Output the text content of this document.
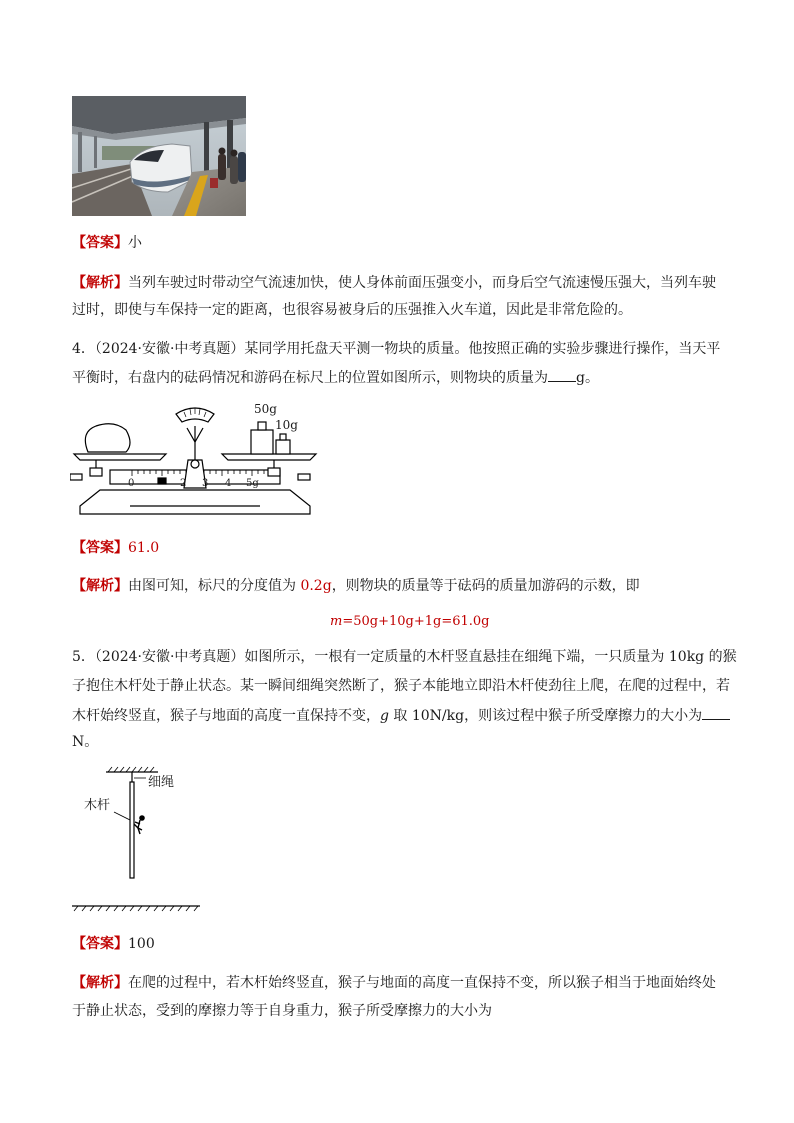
【答案】小
【解析】当列车驶过时带动空气流速加快，使人身体前面压强变小，而身后空气流速慢压强大，当列车驶
过时，即使与车保持一定的距离，也很容易被身后的压强推入火车道，因此是非常危险的。
4．（2024·安徽·中考真题）某同学用托盘天平测一物块的质量。他按照正确的实验步骤进行操作，当天平
平衡时，右盘内的砝码情况和游码在标尺上的位置如图所示，则物块的质量为 g。
50g
10g
0	2 3 4 5g
【答案】61.0
【解析】由图可知，标尺的分度值为 0.2g，则物块的质量等于砝码的质量加游码的示数，即
m=50g+10g+1g=61.0g
5．（2024·安徽·中考真题）如图所示，一根有一定质量的木杆竖直悬挂在细绳下端，一只质量为 10kg 的猴
子抱住木杆处于静止状态。某一瞬间细绳突然断了，猴子本能地立即沿木杆使劲往上爬，在爬的过程中，若
木杆始终竖直，猴子与地面的高度一直保持不变，g 取 10N/kg，则该过程中猴子所受摩擦力的大小为
N。
细绳
木杆
【答案】100
【解析】在爬的过程中，若木杆始终竖直，猴子与地面的高度一直保持不变，所以猴子相当于地面始终处
于静止状态，受到的摩擦力等于自身重力，猴子所受摩擦力的大小为
